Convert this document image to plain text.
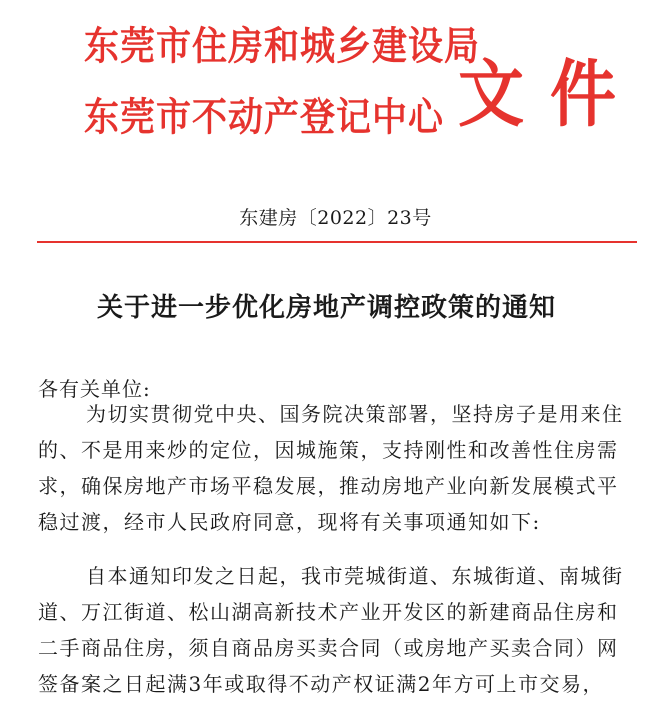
东莞市住房和城乡建设局
东莞市不动产登记中心 文件
东建房〔2022〕23号
关于进一步优化房地产调控政策的通知
各有关单位:
为切实贯彻党中央、国务院决策部署，坚持房子是用来住
的、不是用来炒的定位，因城施策，支持刚性和改善性住房需
求，确保房地产市场平稳发展，推动房地产业向新发展模式平
稳过渡，经市人民政府同意，现将有关事项通知如下:
自本通知印发之日起，我市莞城街道、东城街道、南城街
道、万江街道、松山湖高新技术产业开发区的新建商品住房和
二手商品住房，须自商品房买卖合同（或房地产买卖合同）网
签备案之日起满3年或取得不动产权证满2年方可上市交易，
